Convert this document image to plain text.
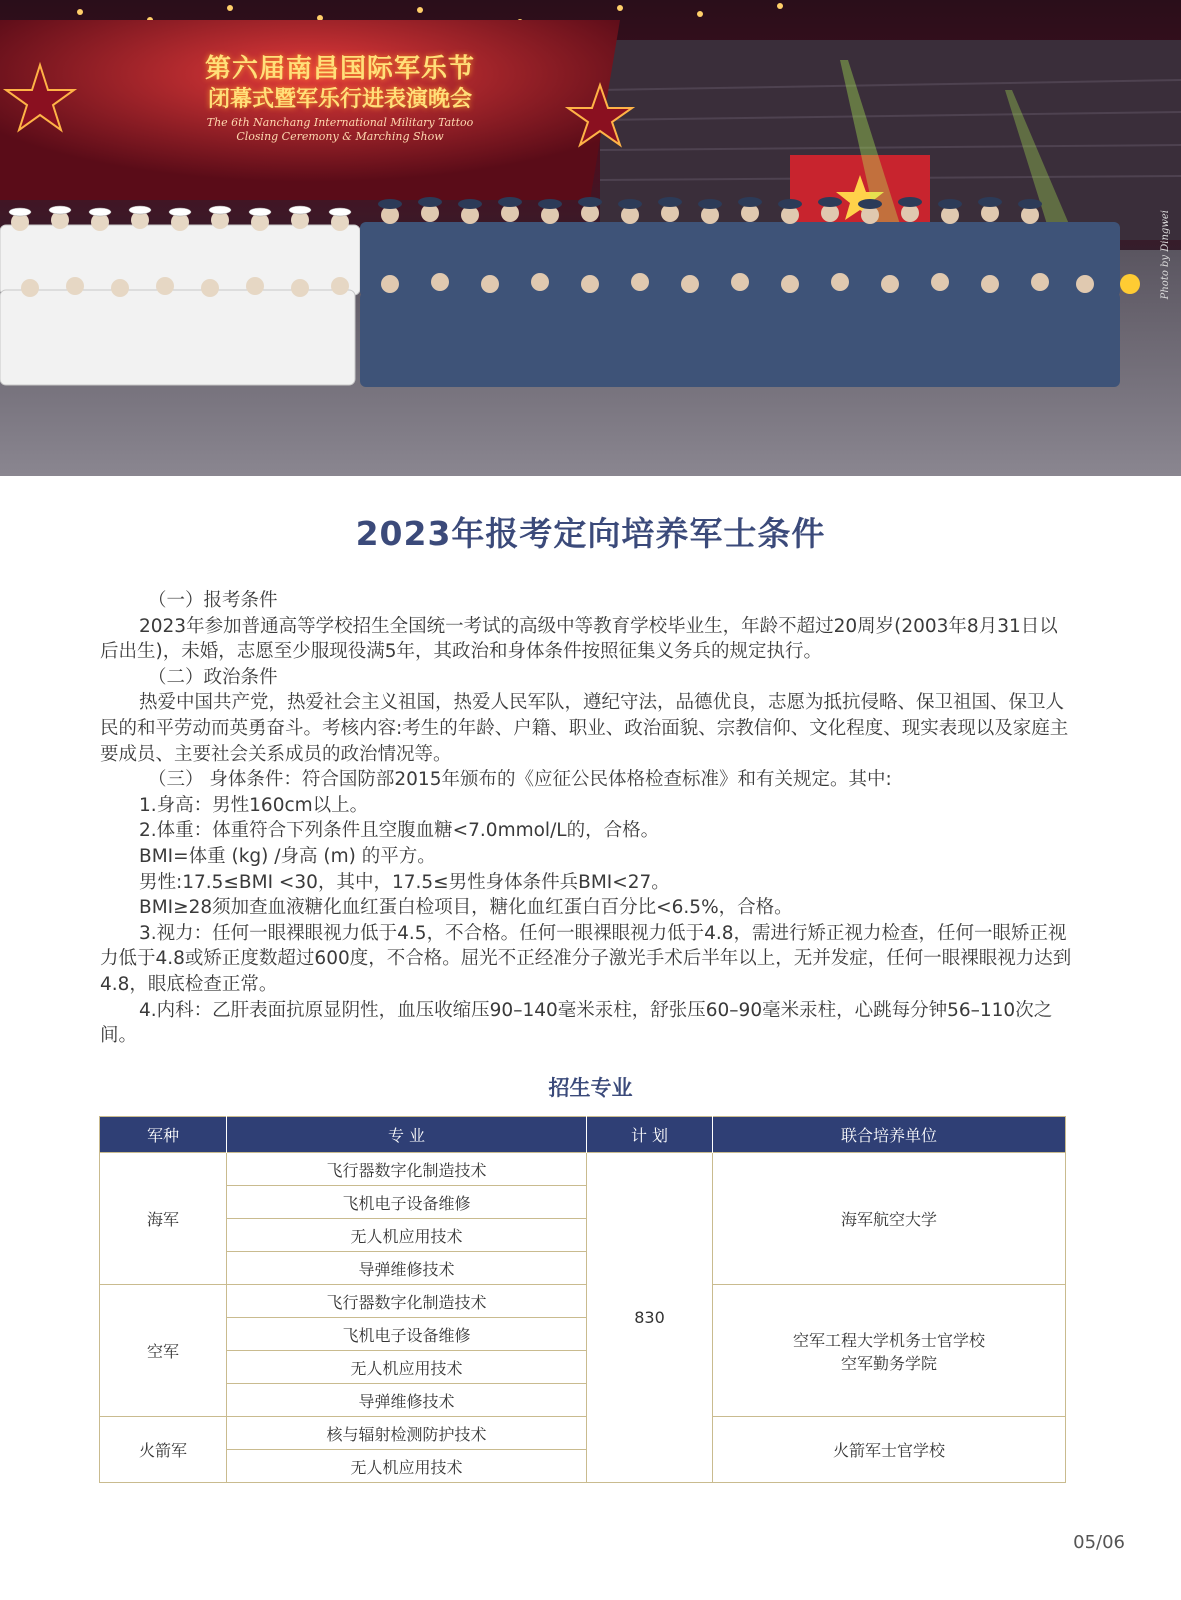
第六届南昌国际军乐节
闭幕式暨军乐行进表演晚会
The 6th Nanchang International Military Tattoo
Closing Ceremony & Marching Show
Photo by Dingwei
2023年报考定向培养军士条件

（一）报考条件

2023年参加普通高等学校招生全国统一考试的高级中等教育学校毕业生，年龄不超过20周岁(2003年8月31日以后出生)，未婚，志愿至少服现役满5年，其政治和身体条件按照征集义务兵的规定执行。

（二）政治条件

热爱中国共产党，热爱社会主义祖国，热爱人民军队，遵纪守法，品德优良，志愿为抵抗侵略、保卫祖国、保卫人民的和平劳动而英勇奋斗。考核内容:考生的年龄、户籍、职业、政治面貌、宗教信仰、文化程度、现实表现以及家庭主要成员、主要社会关系成员的政治情况等。

（三） 身体条件：符合国防部2015年颁布的《应征公民体格检查标准》和有关规定。其中:

1.身高：男性160cm以上。

2.体重：体重符合下列条件且空腹血糖<7.0mmol/L的，合格。

BMI=体重 (kg) /身高 (m) 的平方。

男性:17.5≤BMI <30，其中，17.5≤男性身体条件兵BMI<27。

BMI≥28须加查血液糖化血红蛋白检项目，糖化血红蛋白百分比<6.5%，合格。

3.视力：任何一眼裸眼视力低于4.5，不合格。任何一眼裸眼视力低于4.8，需进行矫正视力检查，任何一眼矫正视力低于4.8或矫正度数超过600度，不合格。屈光不正经准分子激光手术后半年以上，无并发症，任何一眼裸眼视力达到4.8，眼底检查正常。

4.内科：乙肝表面抗原显阴性，血压收缩压90–140毫米汞柱，舒张压60–90毫米汞柱，心跳每分钟56–110次之间。

招生专业
军种	专 业	计 划	联合培养单位
海军	飞行器数字化制造技术	830	海军航空大学

	飞机电子设备维修		
	无人机应用技术		
	导弹维修技术		
空军	飞行器数字化制造技术		空军工程大学机务士官学校
空军勤务学院

	飞机电子设备维修		
	无人机应用技术		
	导弹维修技术		
火箭军	核与辐射检测防护技术		火箭军士官学校

	无人机应用技术		
05/06
